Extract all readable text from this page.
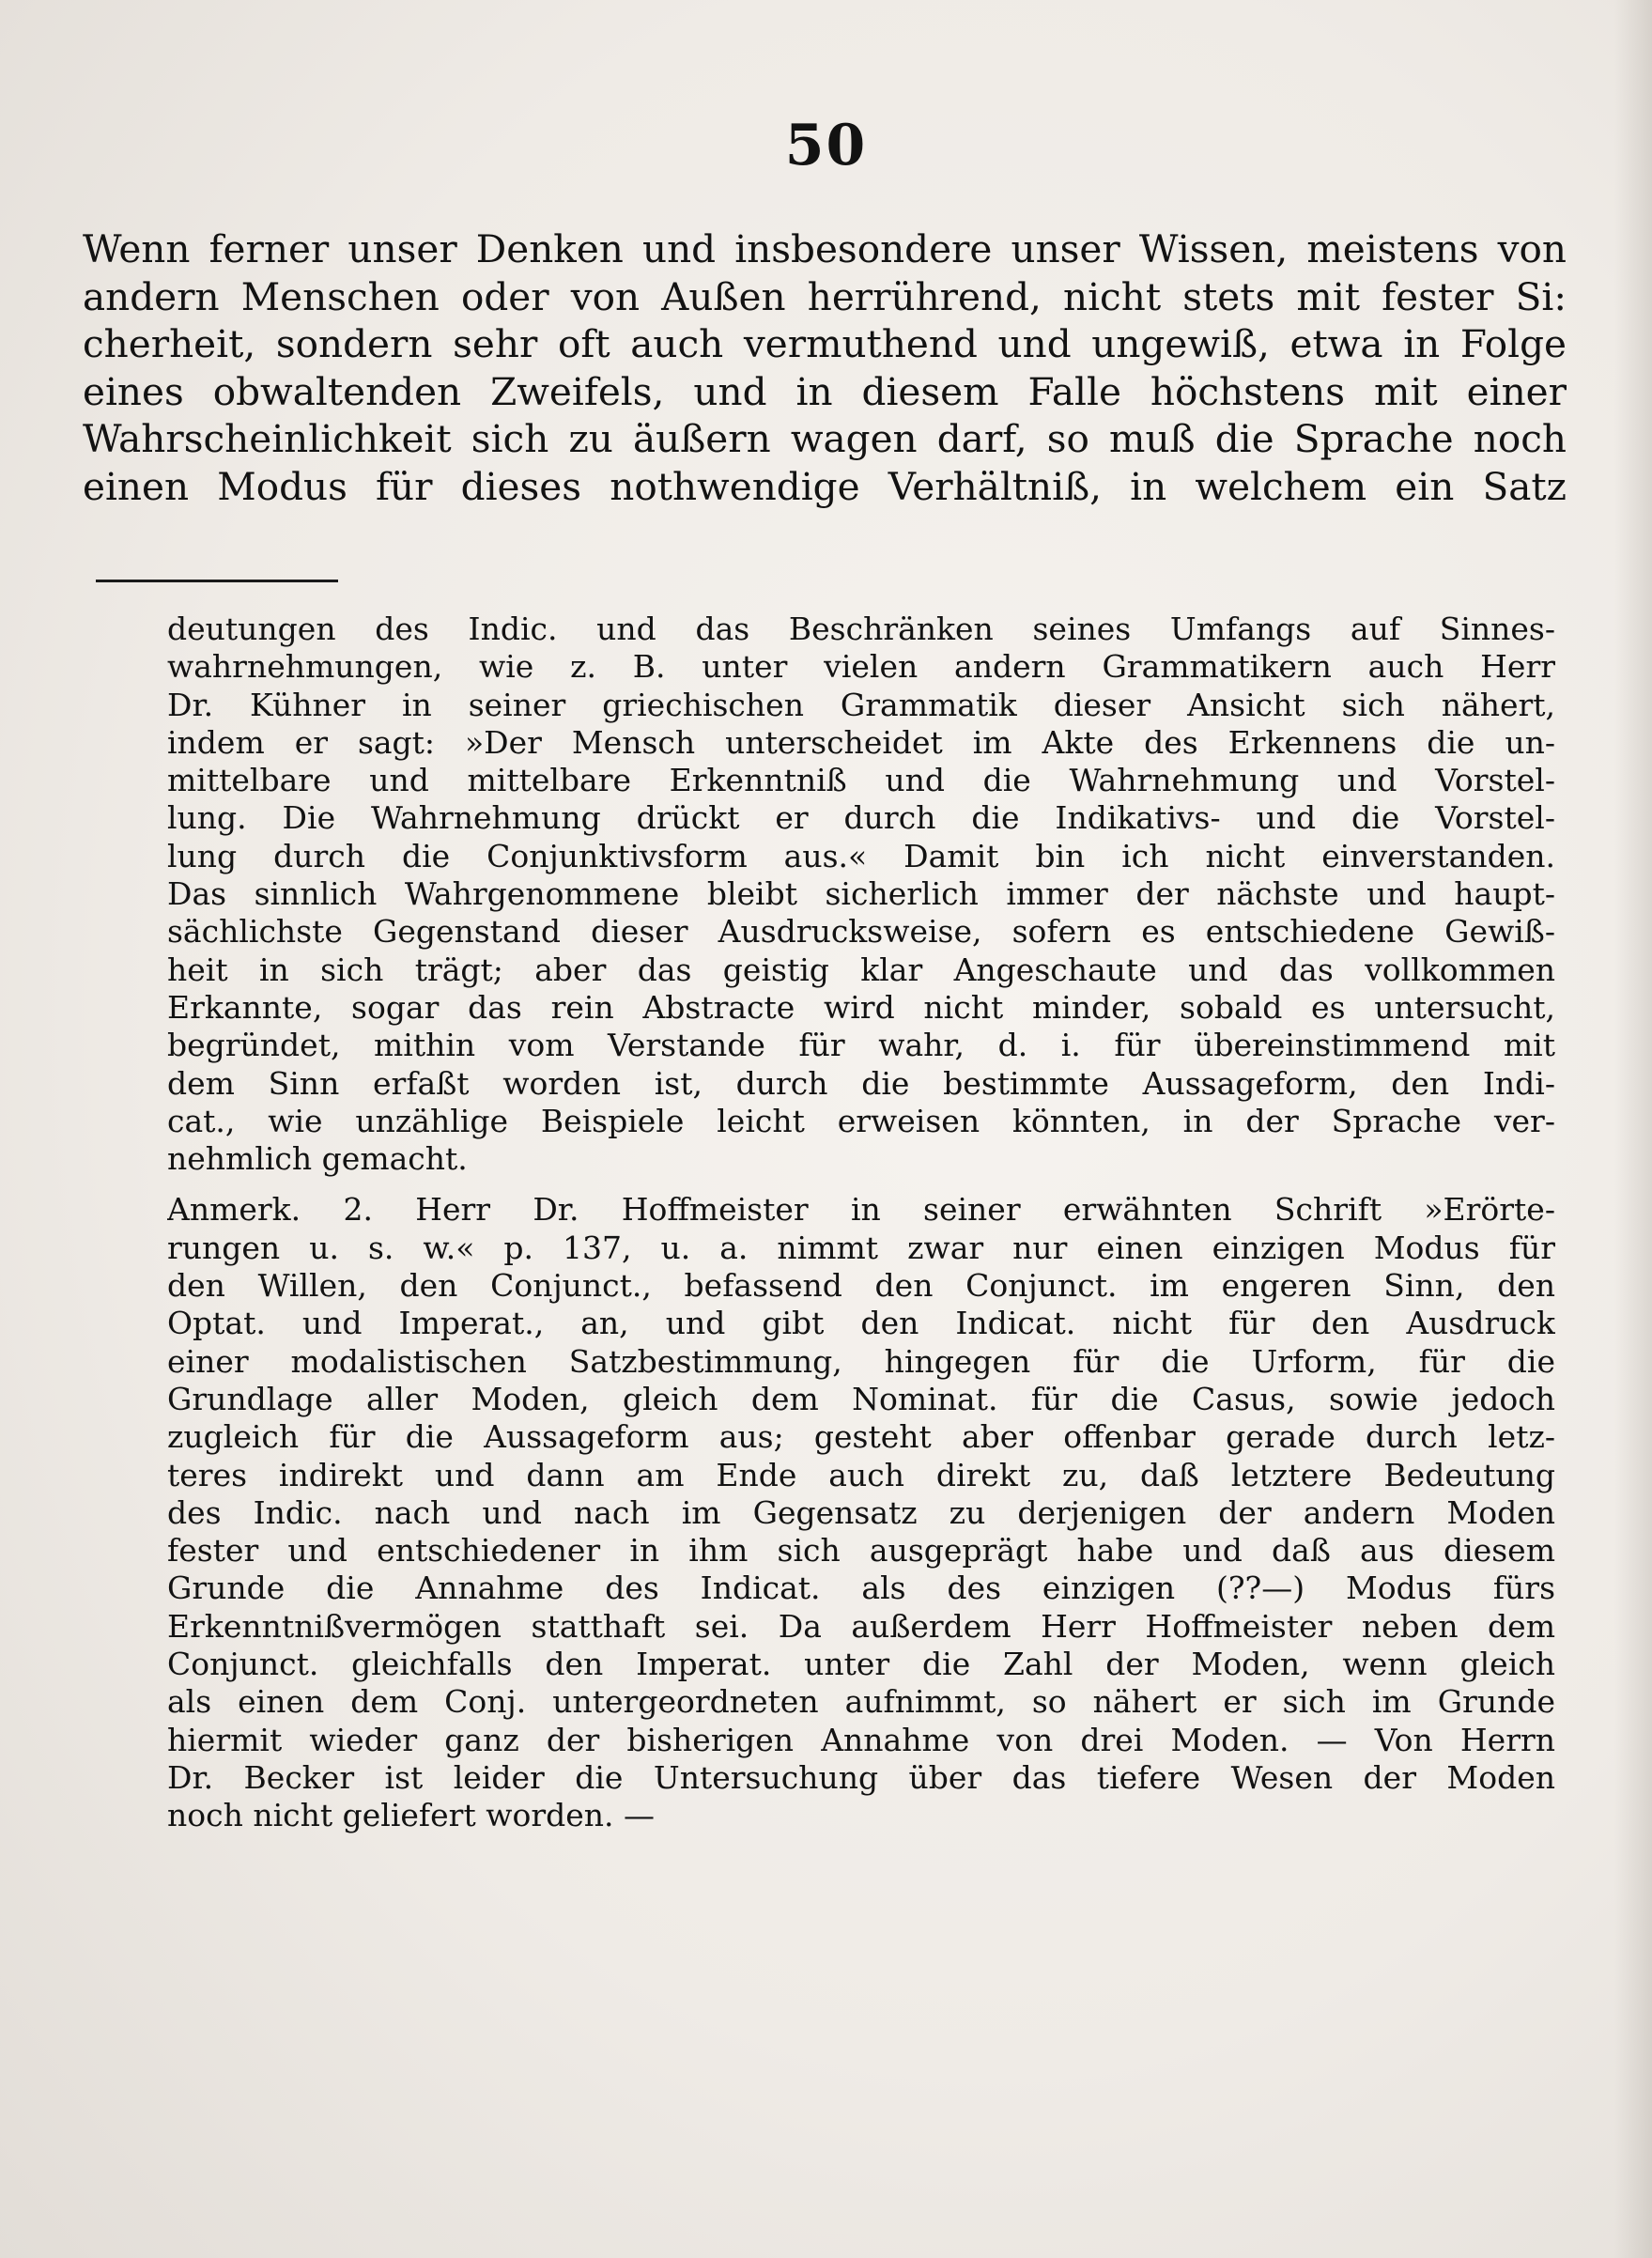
50
Wenn ferner unser Denken und insbesondere unser Wissen, meistens von
andern Menschen oder von Außen herrührend, nicht stets mit fester Si:
cherheit, sondern sehr oft auch vermuthend und ungewiß, etwa in Folge
eines obwaltenden Zweifels, und in diesem Falle höchstens mit einer
Wahrscheinlichkeit sich zu äußern wagen darf, so muß die Sprache noch
einen Modus für dieses nothwendige Verhältniß, in welchem ein Satz
deutungen des Indic. und das Beschränken seines Umfangs auf Sinnes-
wahrnehmungen, wie z. B. unter vielen andern Grammatikern auch Herr
Dr. Kühner in seiner griechischen Grammatik dieser Ansicht sich nähert,
indem er sagt: »Der Mensch unterscheidet im Akte des Erkennens die un-
mittelbare und mittelbare Erkenntniß und die Wahrnehmung und Vorstel-
lung. Die Wahrnehmung drückt er durch die Indikativs- und die Vorstel-
lung durch die Conjunktivsform aus.« Damit bin ich nicht einverstanden.
Das sinnlich Wahrgenommene bleibt sicherlich immer der nächste und haupt-
sächlichste Gegenstand dieser Ausdrucksweise, sofern es entschiedene Gewiß-
heit in sich trägt; aber das geistig klar Angeschaute und das vollkommen
Erkannte, sogar das rein Abstracte wird nicht minder, sobald es untersucht,
begründet, mithin vom Verstande für wahr, d. i. für übereinstimmend mit
dem Sinn erfaßt worden ist, durch die bestimmte Aussageform, den Indi-
cat., wie unzählige Beispiele leicht erweisen könnten, in der Sprache ver-
nehmlich gemacht.
Anmerk. 2. Herr Dr. Hoffmeister in seiner erwähnten Schrift »Erörte-
rungen u. s. w.« p. 137, u. a. nimmt zwar nur einen einzigen Modus für
den Willen, den Conjunct., befassend den Conjunct. im engeren Sinn, den
Optat. und Imperat., an, und gibt den Indicat. nicht für den Ausdruck
einer modalistischen Satzbestimmung, hingegen für die Urform, für die
Grundlage aller Moden, gleich dem Nominat. für die Casus, sowie jedoch
zugleich für die Aussageform aus; gesteht aber offenbar gerade durch letz-
teres indirekt und dann am Ende auch direkt zu, daß letztere Bedeutung
des Indic. nach und nach im Gegensatz zu derjenigen der andern Moden
fester und entschiedener in ihm sich ausgeprägt habe und daß aus diesem
Grunde die Annahme des Indicat. als des einzigen (??—) Modus fürs
Erkenntnißvermögen statthaft sei. Da außerdem Herr Hoffmeister neben dem
Conjunct. gleichfalls den Imperat. unter die Zahl der Moden, wenn gleich
als einen dem Conj. untergeordneten aufnimmt, so nähert er sich im Grunde
hiermit wieder ganz der bisherigen Annahme von drei Moden. — Von Herrn
Dr. Becker ist leider die Untersuchung über das tiefere Wesen der Moden
noch nicht geliefert worden. —
